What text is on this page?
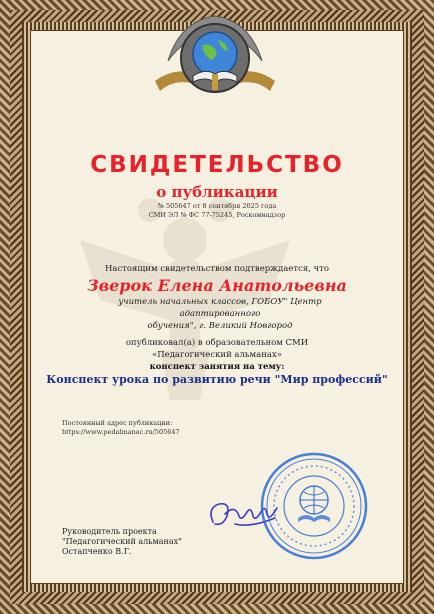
СВИДЕТЕЛЬСТВО
о публикации
№ 505647 от 8 сентября 2025 года
СМИ ЭЛ № ФС 77-75245, Роскомнадзор
Настоящим свидетельством подтверждается, что
Зверок Елена Анатольевна
учитель начальных классов, ГОБОУ" Центр адаптированного
обучения", г. Великий Новгород
опубликовал(а) в образовательном СМИ
«Педагогический альманах»
конспект занятия на тему:
Конспект урока по развитию речи "Мир профессий"
Постоянный адрес публикации:
https://www.pedalmanac.ru/505647
Руководитель проекта
"Педагогический альманах"
Остапченко В.Г.
